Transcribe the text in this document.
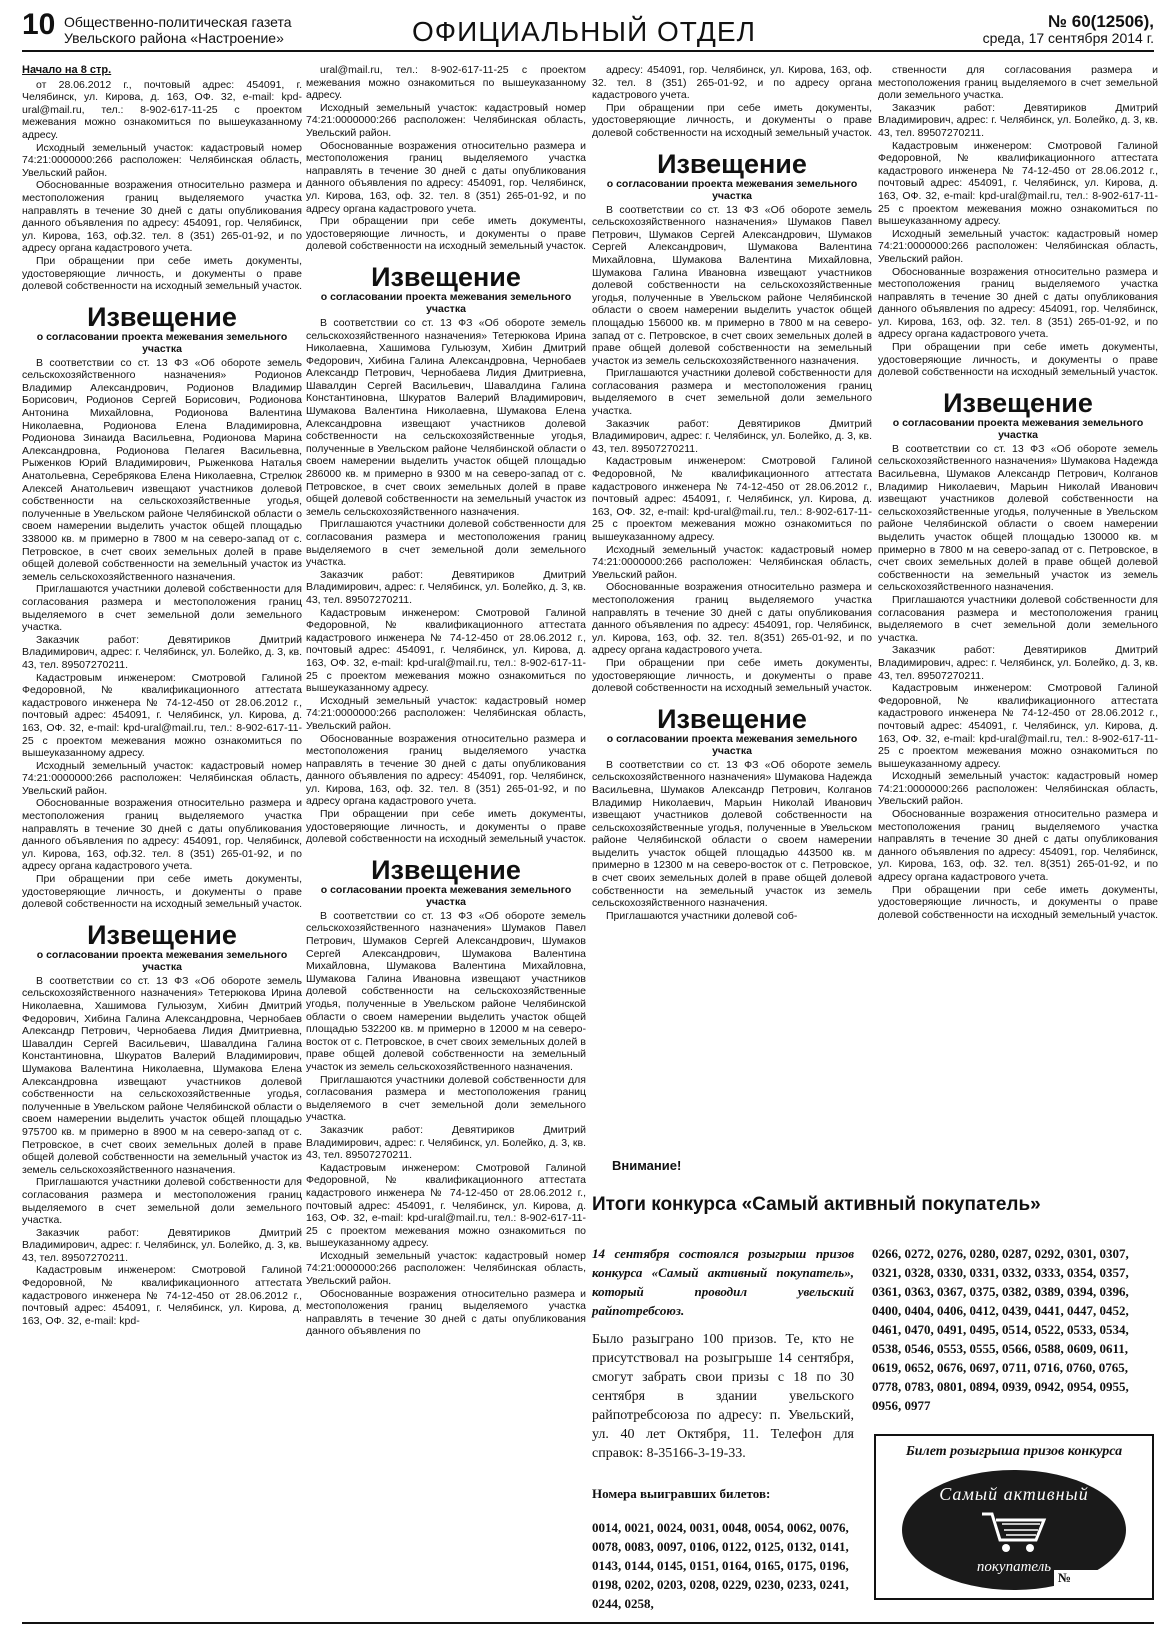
10 Общественно-политическая газета
Увельского района «Настроение»	ОФИЦИАЛЬНЫЙ ОТДЕЛ	№ 60(12506),
среда, 17 сентября 2014 г.
Начало на 8 стр.

от 28.06.2012 г., почтовый адрес: 454091, г. Челябинск, ул. Кирова, д. 163, ОФ. 32, e-mail: kpd-ural@mail.ru, тел.: 8-902-617-11-25 с проектом межевания можно ознакомиться по вышеуказанному адресу.

Исходный земельный участок: кадастровый номер 74:21:0000000:266 расположен: Челябинская область, Увельский район.

Обоснованные возражения относительно размера и местоположения границ выделяемого участка направлять в течение 30 дней с даты опубликования данного объявления по адресу: 454091, гор. Челябинск, ул. Кирова, 163, оф.32. тел. 8 (351) 265-01-92, и по адресу органа кадастрового учета.

При обращении при себе иметь документы, удостоверяющие личность, и документы о праве долевой собственности на исходный земельный участок.

Извещение
о согласовании проекта межевания земельного участка

В соответствии со ст. 13 ФЗ «Об обороте земель сельскохозяйственного назначения» Родионов Владимир Александрович, Родионов Владимир Борисович, Родионов Сергей Борисович, Родионова Антонина Михайловна, Родионова Валентина Николаевна, Родионова Елена Владимировна, Родионова Зинаида Васильевна, Родионова Марина Александровна, Родионова Пелагея Васильевна, Рыженков Юрий Владимирович, Рыженкова Наталья Анатольевна, Серебрякова Елена Николаевна, Стрелюк Алексей Анатольевич извещают участников долевой собственности на сельскохозяйственные угодья, полученные в Увельском районе Челябинской области о своем намерении выделить участок общей площадью 338000 кв. м примерно в 7800 м на северо-запад от с. Петровское, в счет своих земельных долей в праве общей долевой собственности на земельный участок из земель сельскохозяйственного назначения.

Приглашаются участники долевой собственности для согласования размера и местоположения границ выделяемого в счет земельной доли земельного участка.

Заказчик работ: Девятириков Дмитрий Владимирович, адрес: г. Челябинск, ул. Болейко, д. 3, кв. 43, тел. 89507270211.

Кадастровым инженером: Смотровой Галиной Федоровной, № квалификационного аттестата кадастрового инженера № 74-12-450 от 28.06.2012 г., почтовый адрес: 454091, г. Челябинск, ул. Кирова, д. 163, ОФ. 32, e-mail: kpd-ural@mail.ru, тел.: 8-902-617-11-25 с проектом межевания можно ознакомиться по вышеуказанному адресу.

Исходный земельный участок: кадастровый номер 74:21:0000000:266 расположен: Челябинская область, Увельский район.

Обоснованные возражения относительно размера и местоположения границ выделяемого участка направлять в течение 30 дней с даты опубликования данного объявления по адресу: 454091, гор. Челябинск, ул. Кирова, 163, оф.32. тел. 8 (351) 265-01-92, и по адресу органа кадастрового учета.

При обращении при себе иметь документы, удостоверяющие личность, и документы о праве долевой собственности на исходный земельный участок.

Извещение
о согласовании проекта межевания земельного участка

В соответствии со ст. 13 ФЗ «Об обороте земель сельскохозяйственного назначения» Тетерюкова Ирина Николаевна, Хашимова Гульюзум, Хибин Дмитрий Федорович, Хибина Галина Александровна, Чернобаев Александр Петрович, Чернобаева Лидия Дмитриевна, Шавалдин Сергей Васильевич, Шавалдина Галина Константиновна, Шкуратов Валерий Владимирович, Шумакова Валентина Николаевна, Шумакова Елена Александровна извещают участников долевой собственности на сельскохозяйственные угодья, полученные в Увельском районе Челябинской области о своем намерении выделить участок общей площадью 975700 кв. м примерно в 8900 м на северо-запад от с. Петровское, в счет своих земельных долей в праве общей долевой собственности на земельный участок из земель сельскохозяйственного назначения.

Приглашаются участники долевой собственности для согласования размера и местоположения границ выделяемого в счет земельной доли земельного участка.

Заказчик работ: Девятириков Дмитрий Владимирович, адрес: г. Челябинск, ул. Болейко, д. 3, кв. 43, тел. 89507270211.

Кадастровым инженером: Смотровой Галиной Федоровной, № квалификационного аттестата кадастрового инженера № 74-12-450 от 28.06.2012 г., почтовый адрес: 454091, г. Челябинск, ул. Кирова, д. 163, ОФ. 32, e-mail: kpd-

ural@mail.ru, тел.: 8-902-617-11-25 с проектом межевания можно ознакомиться по вышеуказанному адресу.

Исходный земельный участок: кадастровый номер 74:21:0000000:266 расположен: Челябинская область, Увельский район.

Обоснованные возражения относительно размера и местоположения границ выделяемого участка направлять в течение 30 дней с даты опубликования данного объявления по адресу: 454091, гор. Челябинск, ул. Кирова, 163, оф. 32. тел. 8 (351) 265-01-92, и по адресу органа кадастрового учета.

При обращении при себе иметь документы, удостоверяющие личность, и документы о праве долевой собственности на исходный земельный участок.

Извещение
о согласовании проекта межевания земельного участка

В соответствии со ст. 13 ФЗ «Об обороте земель сельскохозяйственного назначения» Тетерюкова Ирина Николаевна, Хашимова Гульюзум, Хибин Дмитрий Федорович, Хибина Галина Александровна, Чернобаев Александр Петрович, Чернобаева Лидия Дмитриевна, Шавалдин Сергей Васильевич, Шавалдина Галина Константиновна, Шкуратов Валерий Владимирович, Шумакова Валентина Николаевна, Шумакова Елена Александровна извещают участников долевой собственности на сельскохозяйственные угодья, полученные в Увельском районе Челябинской области о своем намерении выделить участок общей площадью 286000 кв. м примерно в 9300 м на северо-запад от с. Петровское, в счет своих земельных долей в праве общей долевой собственности на земельный участок из земель сельскохозяйственного назначения.

Приглашаются участники долевой собственности для согласования размера и местоположения границ выделяемого в счет земельной доли земельного участка.

Заказчик работ: Девятириков Дмитрий Владимирович, адрес: г. Челябинск, ул. Болейко, д. 3, кв. 43, тел. 89507270211.

Кадастровым инженером: Смотровой Галиной Федоровной, № квалификационного аттестата кадастрового инженера № 74-12-450 от 28.06.2012 г., почтовый адрес: 454091, г. Челябинск, ул. Кирова, д. 163, ОФ. 32, e-mail: kpd-ural@mail.ru, тел.: 8-902-617-11-25 с проектом межевания можно ознакомиться по вышеуказанному адресу.

Исходный земельный участок: кадастровый номер 74:21:0000000:266 расположен: Челябинская область, Увельский район.

Обоснованные возражения относительно размера и местоположения границ выделяемого участка направлять в течение 30 дней с даты опубликования данного объявления по адресу: 454091, гор. Челябинск, ул. Кирова, 163, оф. 32. тел. 8 (351) 265-01-92, и по адресу органа кадастрового учета.

При обращении при себе иметь документы, удостоверяющие личность, и документы о праве долевой собственности на исходный земельный участок.

Извещение
о согласовании проекта межевания земельного участка

В соответствии со ст. 13 ФЗ «Об обороте земель сельскохозяйственного назначения» Шумаков Павел Петрович, Шумаков Сергей Александрович, Шумаков Сергей Александрович, Шумакова Валентина Михайловна, Шумакова Валентина Михайловна, Шумакова Галина Ивановна извещают участников долевой собственности на сельскохозяйственные угодья, полученные в Увельском районе Челябинской области о своем намерении выделить участок общей площадью 532200 кв. м примерно в 12000 м на северо-восток от с. Петровское, в счет своих земельных долей в праве общей долевой собственности на земельный участок из земель сельскохозяйственного назначения.

Приглашаются участники долевой собственности для согласования размера и местоположения границ выделяемого в счет земельной доли земельного участка.

Заказчик работ: Девятириков Дмитрий Владимирович, адрес: г. Челябинск, ул. Болейко, д. 3, кв. 43, тел. 89507270211.

Кадастровым инженером: Смотровой Галиной Федоровной, № квалификационного аттестата кадастрового инженера № 74-12-450 от 28.06.2012 г., почтовый адрес: 454091, г. Челябинск, ул. Кирова, д. 163, ОФ. 32, e-mail: kpd-ural@mail.ru, тел.: 8-902-617-11-25 с проектом межевания можно ознакомиться по вышеуказанному адресу.

Исходный земельный участок: кадастровый номер 74:21:0000000:266 расположен: Челябинская область, Увельский район.

Обоснованные возражения относительно размера и местоположения границ выделяемого участка направлять в течение 30 дней с даты опубликования данного объявления по

адресу: 454091, гор. Челябинск, ул. Кирова, 163, оф. 32. тел. 8 (351) 265-01-92, и по адресу органа кадастрового учета.

При обращении при себе иметь документы, удостоверяющие личность, и документы о праве долевой собственности на исходный земельный участок.

Извещение
о согласовании проекта межевания земельного участка

В соответствии со ст. 13 ФЗ «Об обороте земель сельскохозяйственного назначения» Шумаков Павел Петрович, Шумаков Сергей Александрович, Шумаков Сергей Александрович, Шумакова Валентина Михайловна, Шумакова Валентина Михайловна, Шумакова Галина Ивановна извещают участников долевой собственности на сельскохозяйственные угодья, полученные в Увельском районе Челябинской области о своем намерении выделить участок общей площадью 156000 кв. м примерно в 7800 м на северо-запад от с. Петровское, в счет своих земельных долей в праве общей долевой собственности на земельный участок из земель сельскохозяйственного назначения.

Приглашаются участники долевой собственности для согласования размера и местоположения границ выделяемого в счет земельной доли земельного участка.

Заказчик работ: Девятириков Дмитрий Владимирович, адрес: г. Челябинск, ул. Болейко, д. 3, кв. 43, тел. 89507270211.

Кадастровым инженером: Смотровой Галиной Федоровной, № квалификационного аттестата кадастрового инженера № 74-12-450 от 28.06.2012 г., почтовый адрес: 454091, г. Челябинск, ул. Кирова, д. 163, ОФ. 32, e-mail: kpd-ural@mail.ru, тел.: 8-902-617-11-25 с проектом межевания можно ознакомиться по вышеуказанному адресу.

Исходный земельный участок: кадастровый номер 74:21:0000000:266 расположен: Челябинская область, Увельский район.

Обоснованные возражения относительно размера и местоположения границ выделяемого участка направлять в течение 30 дней с даты опубликования данного объявления по адресу: 454091, гор. Челябинск, ул. Кирова, 163, оф. 32. тел. 8(351) 265-01-92, и по адресу органа кадастрового учета.

При обращении при себе иметь документы, удостоверяющие личность, и документы о праве долевой собственности на исходный земельный участок.

Извещение
о согласовании проекта межевания земельного участка

В соответствии со ст. 13 ФЗ «Об обороте земель сельскохозяйственного назначения» Шумакова Надежда Васильевна, Шумаков Александр Петрович, Колганов Владимир Николаевич, Марьин Николай Иванович извещают участников долевой собственности на сельскохозяйственные угодья, полученные в Увельском районе Челябинской области о своем намерении выделить участок общей площадью 443500 кв. м примерно в 12300 м на северо-восток от с. Петровское, в счет своих земельных долей в праве общей долевой собственности на земельный участок из земель сельскохозяйственного назначения.

Приглашаются участники долевой соб-

ственности для согласования размера и местоположения границ выделяемого в счет земельной доли земельного участка.

Заказчик работ: Девятириков Дмитрий Владимирович, адрес: г. Челябинск, ул. Болейко, д. 3, кв. 43, тел. 89507270211.

Кадастровым инженером: Смотровой Галиной Федоровной, № квалификационного аттестата кадастрового инженера № 74-12-450 от 28.06.2012 г., почтовый адрес: 454091, г. Челябинск, ул. Кирова, д. 163, ОФ. 32, e-mail: kpd-ural@mail.ru, тел.: 8-902-617-11-25 с проектом межевания можно ознакомиться по вышеуказанному адресу.

Исходный земельный участок: кадастровый номер 74:21:0000000:266 расположен: Челябинская область, Увельский район.

Обоснованные возражения относительно размера и местоположения границ выделяемого участка направлять в течение 30 дней с даты опубликования данного объявления по адресу: 454091, гор. Челябинск, ул. Кирова, 163, оф. 32. тел. 8 (351) 265-01-92, и по адресу органа кадастрового учета.

При обращении при себе иметь документы, удостоверяющие личность, и документы о праве долевой собственности на исходный земельный участок.

Извещение
о согласовании проекта межевания земельного участка

В соответствии со ст. 13 ФЗ «Об обороте земель сельскохозяйственного назначения» Шумакова Надежда Васильевна, Шумаков Александр Петрович, Колганов Владимир Николаевич, Марьин Николай Иванович извещают участников долевой собственности на сельскохозяйственные угодья, полученные в Увельском районе Челябинской области о своем намерении выделить участок общей площадью 130000 кв. м примерно в 7800 м на северо-запад от с. Петровское, в счет своих земельных долей в праве общей долевой собственности на земельный участок из земель сельскохозяйственного назначения.

Приглашаются участники долевой собственности для согласования размера и местоположения границ выделяемого в счет земельной доли земельного участка.

Заказчик работ: Девятириков Дмитрий Владимирович, адрес: г. Челябинск, ул. Болейко, д. 3, кв. 43, тел. 89507270211.

Кадастровым инженером: Смотровой Галиной Федоровной, № квалификационного аттестата кадастрового инженера № 74-12-450 от 28.06.2012 г., почтовый адрес: 454091, г. Челябинск, ул. Кирова, д. 163, ОФ. 32, e-mail: kpd-ural@mail.ru, тел.: 8-902-617-11-25 с проектом межевания можно ознакомиться по вышеуказанному адресу.

Исходный земельный участок: кадастровый номер 74:21:0000000:266 расположен: Челябинская область, Увельский район.

Обоснованные возражения относительно размера и местоположения границ выделяемого участка направлять в течение 30 дней с даты опубликования данного объявления по адресу: 454091, гор. Челябинск, ул. Кирова, 163, оф. 32. тел. 8(351) 265-01-92, и по адресу органа кадастрового учета.

При обращении при себе иметь документы, удостоверяющие личность, и документы о праве долевой собственности на исходный земельный участок.

Внимание!
Итоги конкурса «Самый активный покупатель»
14 сентября состоялся розыгрыш призов конкурса «Самый активный покупатель», который проводил увельский райпотребсоюз.
Было разыграно 100 призов. Те, кто не присутствовал на розыгрыше 14 сентября, смогут забрать свои призы с 18 по 30 сентября в здании увельского райпотребсоюза по адресу: п. Увельский, ул. 40 лет Октября, 11. Телефон для справок: 8-35166-3-19-33.
Номера выигравших билетов:
0014, 0021, 0024, 0031, 0048, 0054, 0062, 0076, 0078, 0083, 0097, 0106, 0122, 0125, 0132, 0141, 0143, 0144, 0145, 0151, 0164, 0165, 0175, 0196, 0198, 0202, 0203, 0208, 0229, 0230, 0233, 0241, 0244, 0258,
0266, 0272, 0276, 0280, 0287, 0292, 0301, 0307, 0321, 0328, 0330, 0331, 0332, 0333, 0354, 0357, 0361, 0363, 0367, 0375, 0382, 0389, 0394, 0396, 0400, 0404, 0406, 0412, 0439, 0441, 0447, 0452, 0461, 0470, 0491, 0495, 0514, 0522, 0533, 0534, 0538, 0546, 0553, 0555, 0566, 0588, 0609, 0611, 0619, 0652, 0676, 0697, 0711, 0716, 0760, 0765, 0778, 0783, 0801, 0894, 0939, 0942, 0954, 0955, 0956, 0977
Билет розыгрыша призов конкурса
Самый активный
покупатель
№
